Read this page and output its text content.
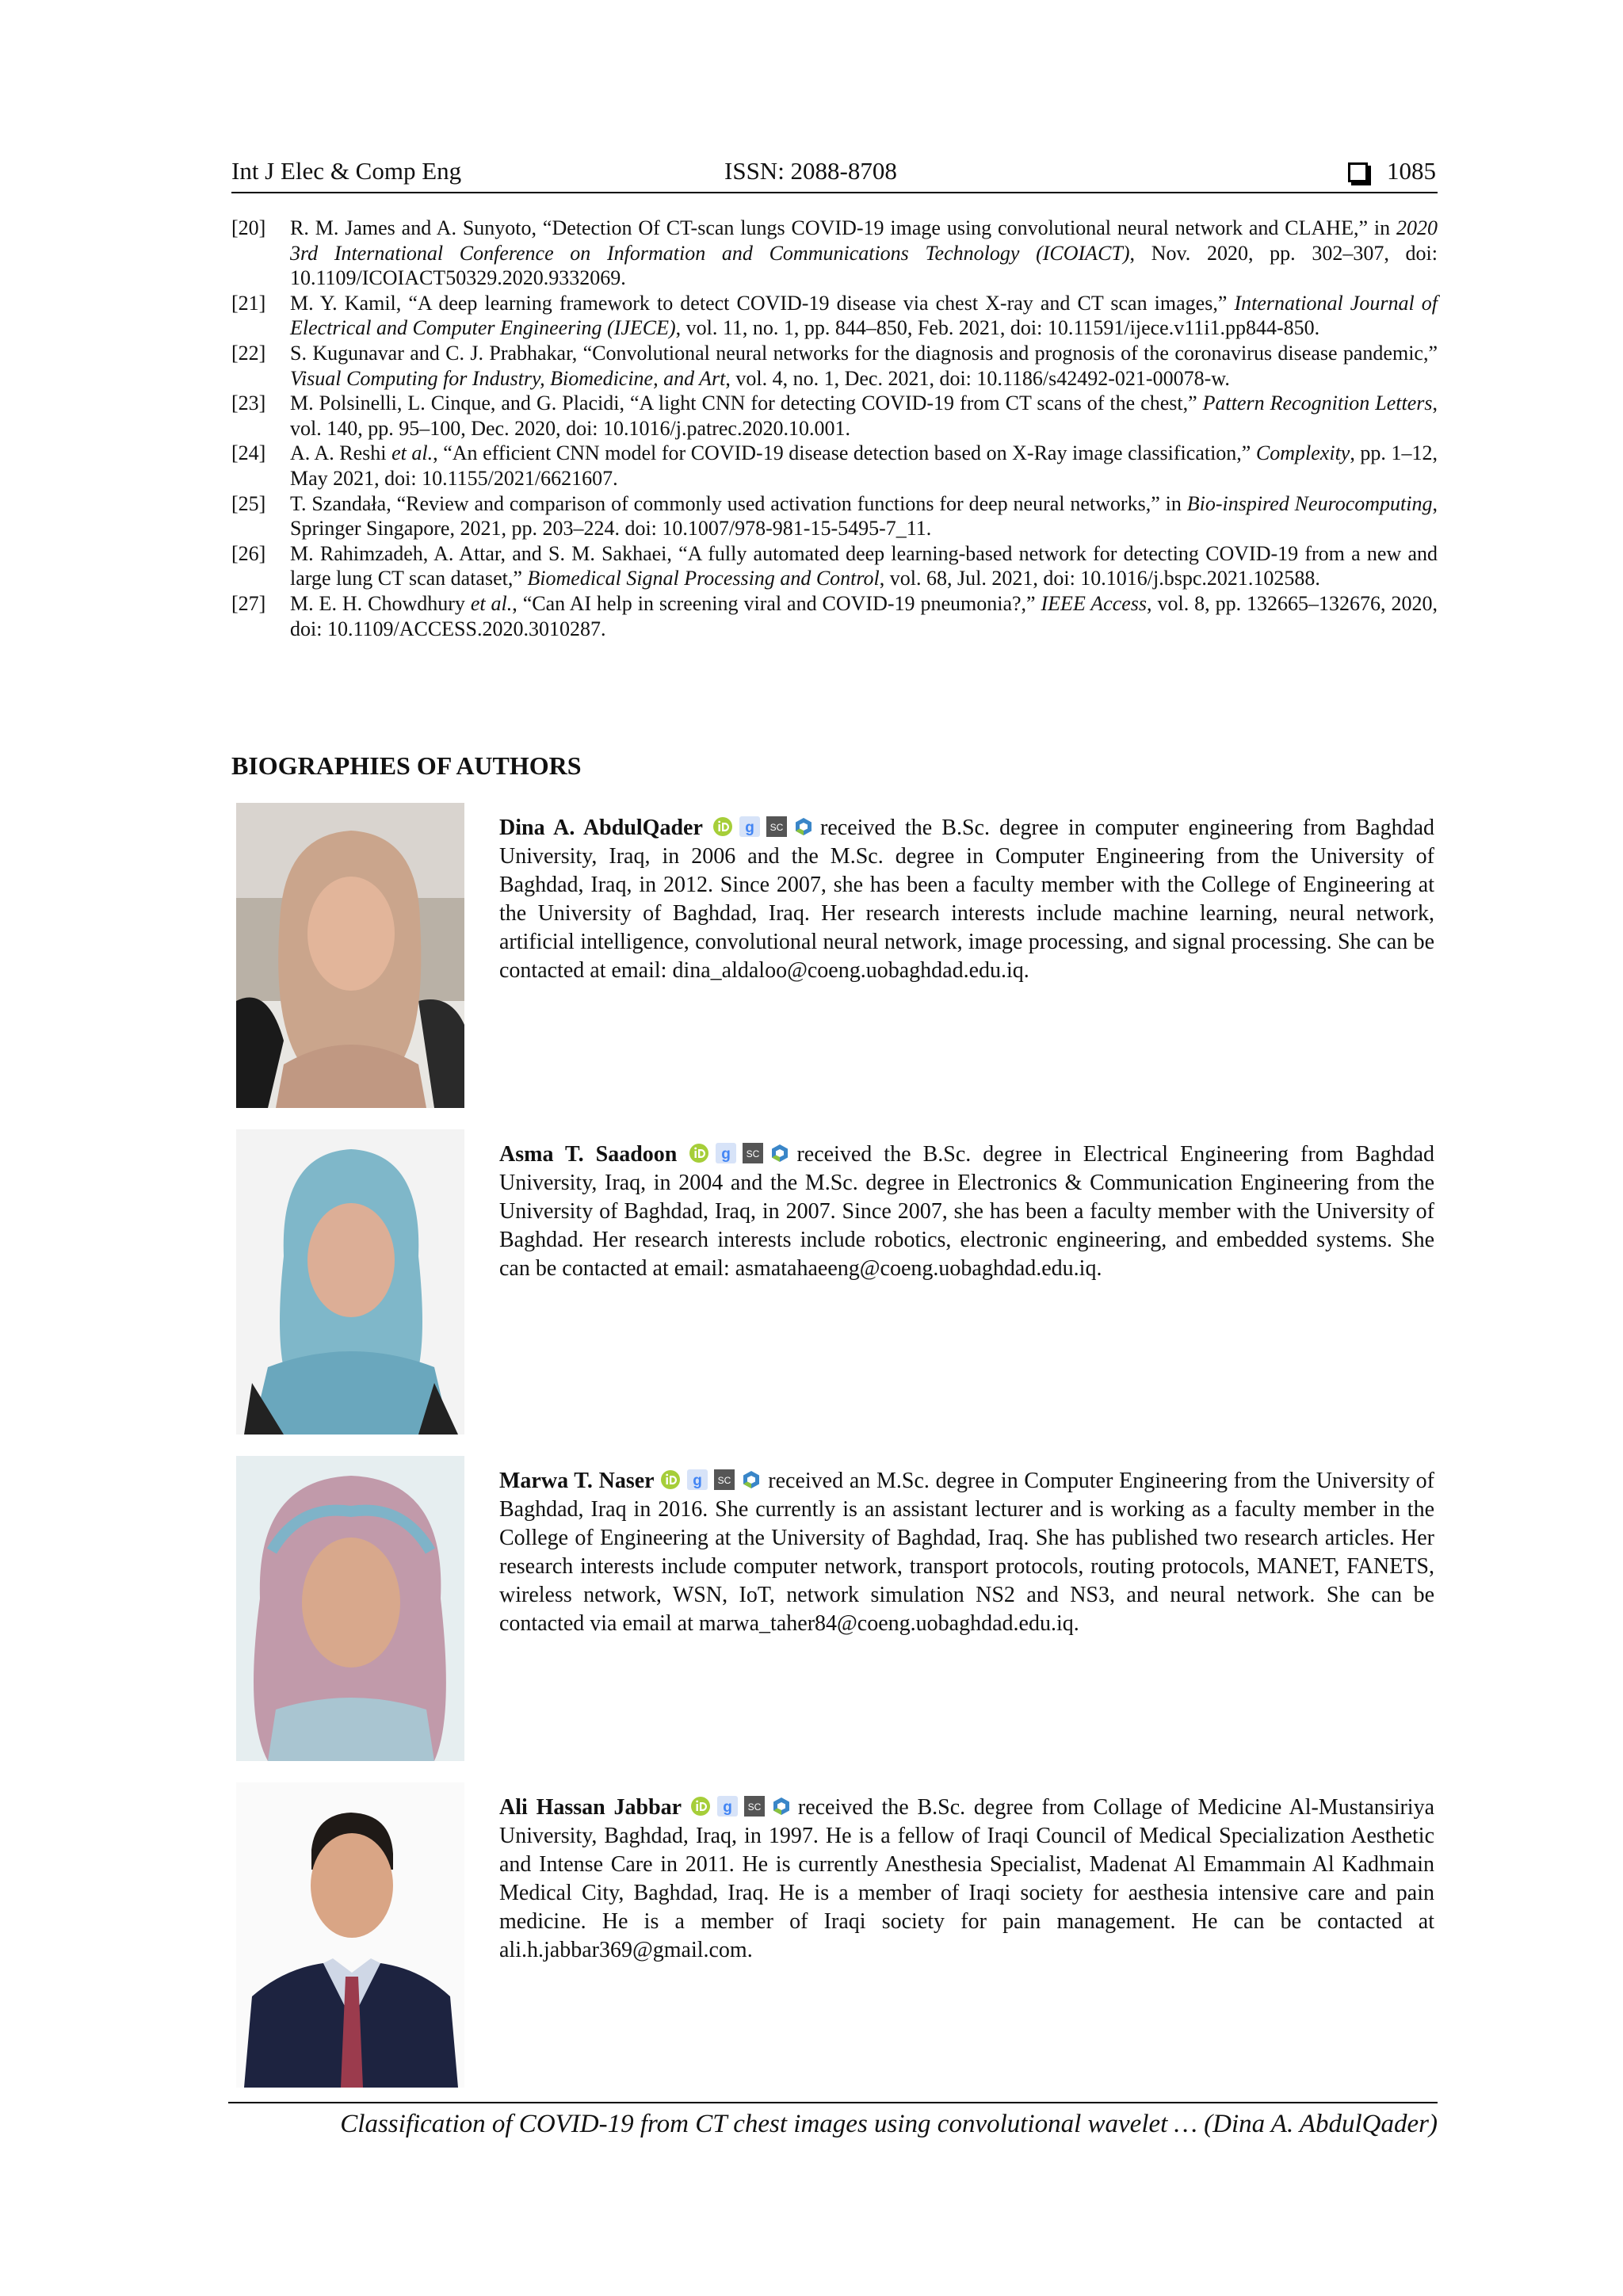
Int J Elec & Comp Eng	ISSN: 2088-8708	1085
[20]	R. M. James and A. Sunyoto, “Detection Of CT-scan lungs COVID-19 image using convolutional neural network and CLAHE,” in 2020 3rd International Conference on Information and Communications Technology (ICOIACT), Nov. 2020, pp. 302–307, doi: 10.1109/ICOIACT50329.2020.9332069.
[21]	M. Y. Kamil, “A deep learning framework to detect COVID-19 disease via chest X-ray and CT scan images,” International Journal of Electrical and Computer Engineering (IJECE), vol. 11, no. 1, pp. 844–850, Feb. 2021, doi: 10.11591/ijece.v11i1.pp844-850.
[22]	S. Kugunavar and C. J. Prabhakar, “Convolutional neural networks for the diagnosis and prognosis of the coronavirus disease pandemic,” Visual Computing for Industry, Biomedicine, and Art, vol. 4, no. 1, Dec. 2021, doi: 10.1186/s42492-021-00078-w.
[23]	M. Polsinelli, L. Cinque, and G. Placidi, “A light CNN for detecting COVID-19 from CT scans of the chest,” Pattern Recognition Letters, vol. 140, pp. 95–100, Dec. 2020, doi: 10.1016/j.patrec.2020.10.001.
[24]	A. A. Reshi et al., “An efficient CNN model for COVID-19 disease detection based on X-Ray image classification,” Complexity, pp. 1–12, May 2021, doi: 10.1155/2021/6621607.
[25]	T. Szandała, “Review and comparison of commonly used activation functions for deep neural networks,” in Bio-inspired Neurocomputing, Springer Singapore, 2021, pp. 203–224. doi: 10.1007/978-981-15-5495-7_11.
[26]	M. Rahimzadeh, A. Attar, and S. M. Sakhaei, “A fully automated deep learning-based network for detecting COVID-19 from a new and large lung CT scan dataset,” Biomedical Signal Processing and Control, vol. 68, Jul. 2021, doi: 10.1016/j.bspc.2021.102588.
[27]	M. E. H. Chowdhury et al., “Can AI help in screening viral and COVID-19 pneumonia?,” IEEE Access, vol. 8, pp. 132665–132676, 2020, doi: 10.1109/ACCESS.2020.3010287.
BIOGRAPHIES OF AUTHORS
Dina A. AbdulQader	g SC received the B.Sc. degree in computer engineering from Baghdad University, Iraq, in 2006 and the M.Sc. degree in Computer Engineering from the University of Baghdad, Iraq, in 2012. Since 2007, she has been a faculty member with the College of Engineering at the University of Baghdad, Iraq. Her research interests include machine learning, neural network, artificial intelligence, convolutional neural network, image processing, and signal processing. She can be contacted at email: dina_aldaloo@coeng.uobaghdad.edu.iq.
Asma T. Saadoon	g SC received the B.Sc. degree in Electrical Engineering from Baghdad University, Iraq, in 2004 and the M.Sc. degree in Electronics & Communication Engineering from the University of Baghdad, Iraq, in 2007. Since 2007, she has been a faculty member with the University of Baghdad. Her research interests include robotics, electronic engineering, and embedded systems. She can be contacted at email: asmatahaeeng@coeng.uobaghdad.edu.iq.
Marwa T. Naser	g SC received an M.Sc. degree in Computer Engineering from the University of Baghdad, Iraq in 2016. She currently is an assistant lecturer and is working as a faculty member in the College of Engineering at the University of Baghdad, Iraq. She has published two research articles. Her research interests include computer network, transport protocols, routing protocols, MANET, FANETS, wireless network, WSN, IoT, network simulation NS2 and NS3, and neural network. She can be contacted via email at marwa_taher84@coeng.uobaghdad.edu.iq.
Ali Hassan Jabbar	g SC received the B.Sc. degree from Collage of Medicine Al-Mustansiriya University, Baghdad, Iraq, in 1997. He is a fellow of Iraqi Council of Medical Specialization Aesthetic and Intense Care in 2011. He is currently Anesthesia Specialist, Madenat Al Emammain Al Kadhmain Medical City, Baghdad, Iraq. He is a member of Iraqi society for aesthesia intensive care and pain medicine. He is a member of Iraqi society for pain management. He can be contacted at ali.h.jabbar369@gmail.com.
Classification of COVID-19 from CT chest images using convolutional wavelet … (Dina A. AbdulQader)
